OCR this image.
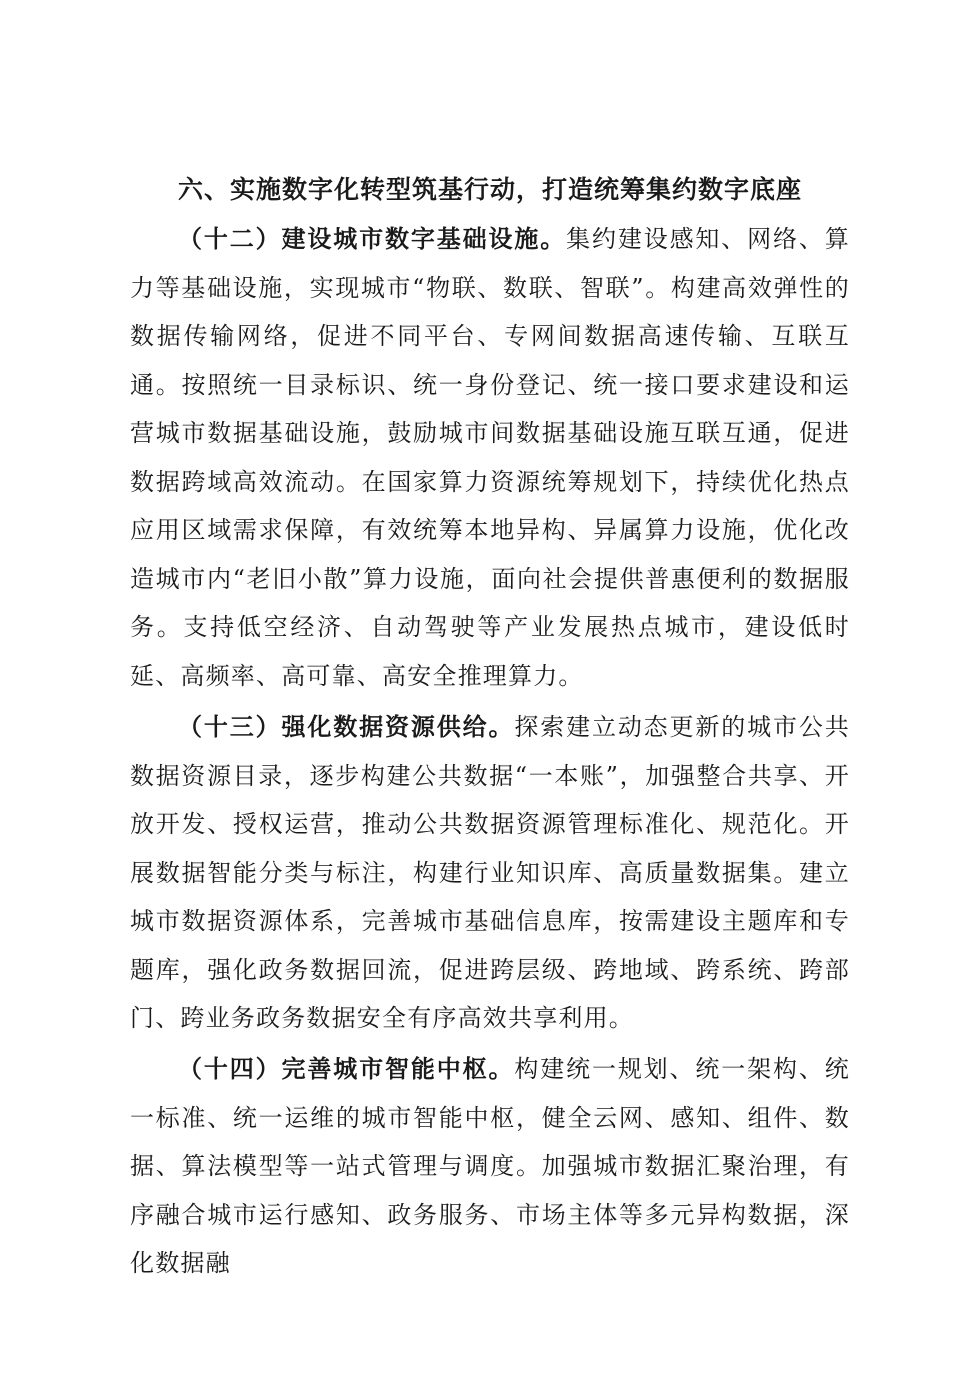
六、实施数字化转型筑基行动，打造统筹集约数字底座

（十二）建设城市数字基础设施。集约建设感知、网络、算力等基础设施，实现城市“物联、数联、智联”。构建高效弹性的数据传输网络，促进不同平台、专网间数据高速传输、互联互通。按照统一目录标识、统一身份登记、统一接口要求建设和运营城市数据基础设施，鼓励城市间数据基础设施互联互通，促进数据跨域高效流动。在国家算力资源统筹规划下，持续优化热点应用区域需求保障，有效统筹本地异构、异属算力设施，优化改造城市内“老旧小散”算力设施，面向社会提供普惠便利的数据服务。支持低空经济、自动驾驶等产业发展热点城市，建设低时延、高频率、高可靠、高安全推理算力。

（十三）强化数据资源供给。探索建立动态更新的城市公共数据资源目录，逐步构建公共数据“一本账”，加强整合共享、开放开发、授权运营，推动公共数据资源管理标准化、规范化。开展数据智能分类与标注，构建行业知识库、高质量数据集。建立城市数据资源体系，完善城市基础信息库，按需建设主题库和专题库，强化政务数据回流，促进跨层级、跨地域、跨系统、跨部门、跨业务政务数据安全有序高效共享利用。

（十四）完善城市智能中枢。构建统一规划、统一架构、统一标准、统一运维的城市智能中枢，健全云网、感知、组件、数据、算法模型等一站式管理与调度。加强城市数据汇聚治理，有序融合城市运行感知、政务服务、市场主体等多元异构数据，深化数据融
